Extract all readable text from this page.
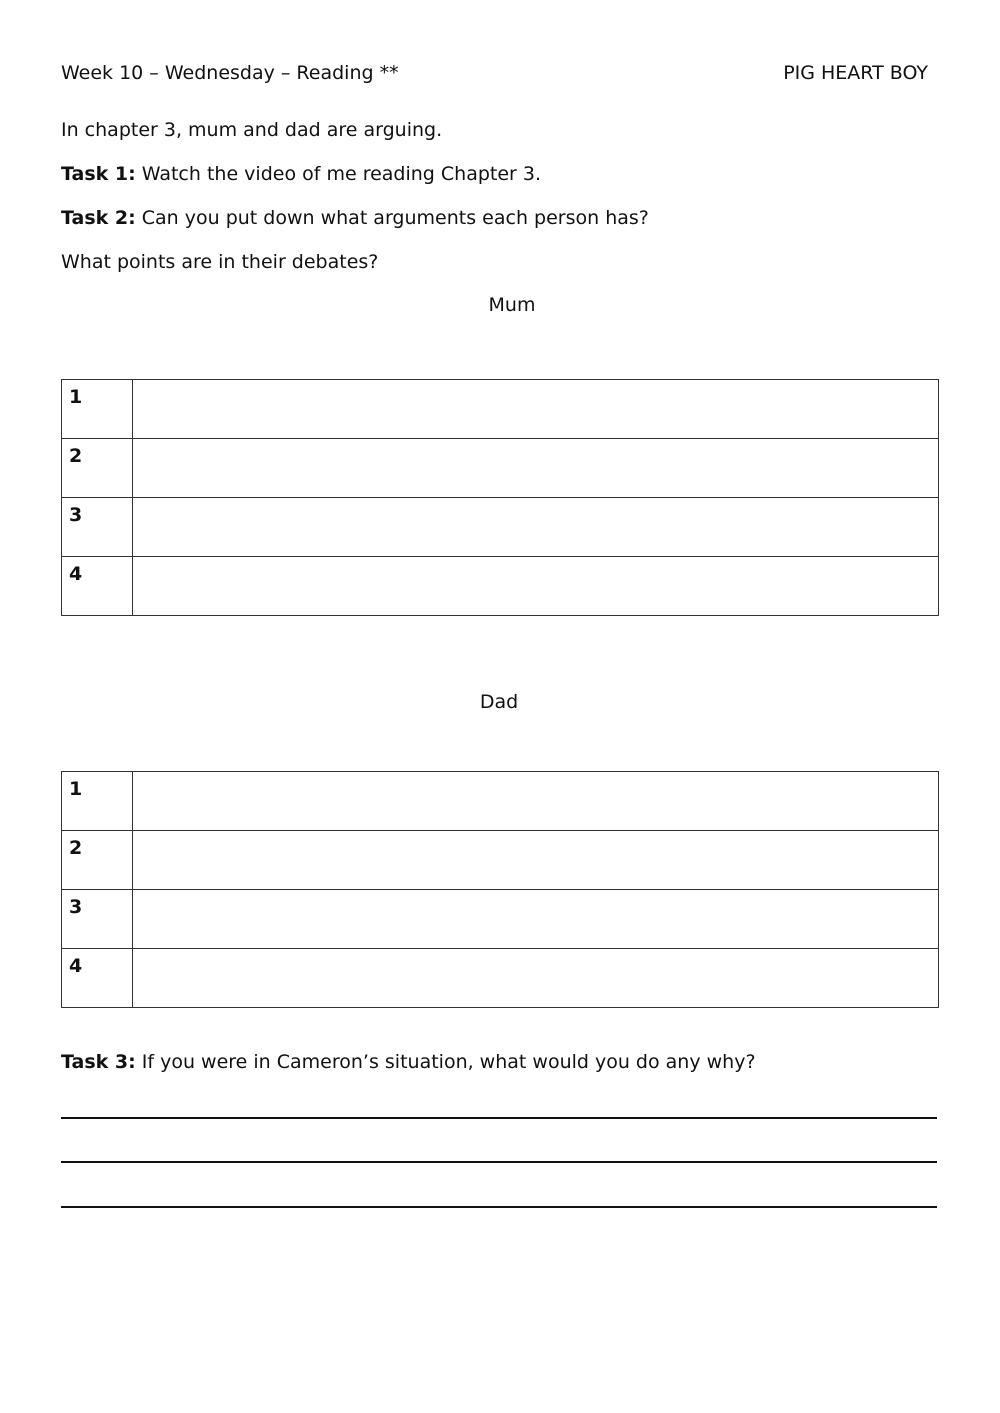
Week 10 – Wednesday – Reading **	PIG HEART BOY
In chapter 3, mum and dad are arguing.
Task 1: Watch the video of me reading Chapter 3.
Task 2: Can you put down what arguments each person has?
What points are in their debates?
Mum
1	
2	
3	
4	
Dad
1	
2	
3	
4	
Task 3: If you were in Cameron’s situation, what would you do any why?
